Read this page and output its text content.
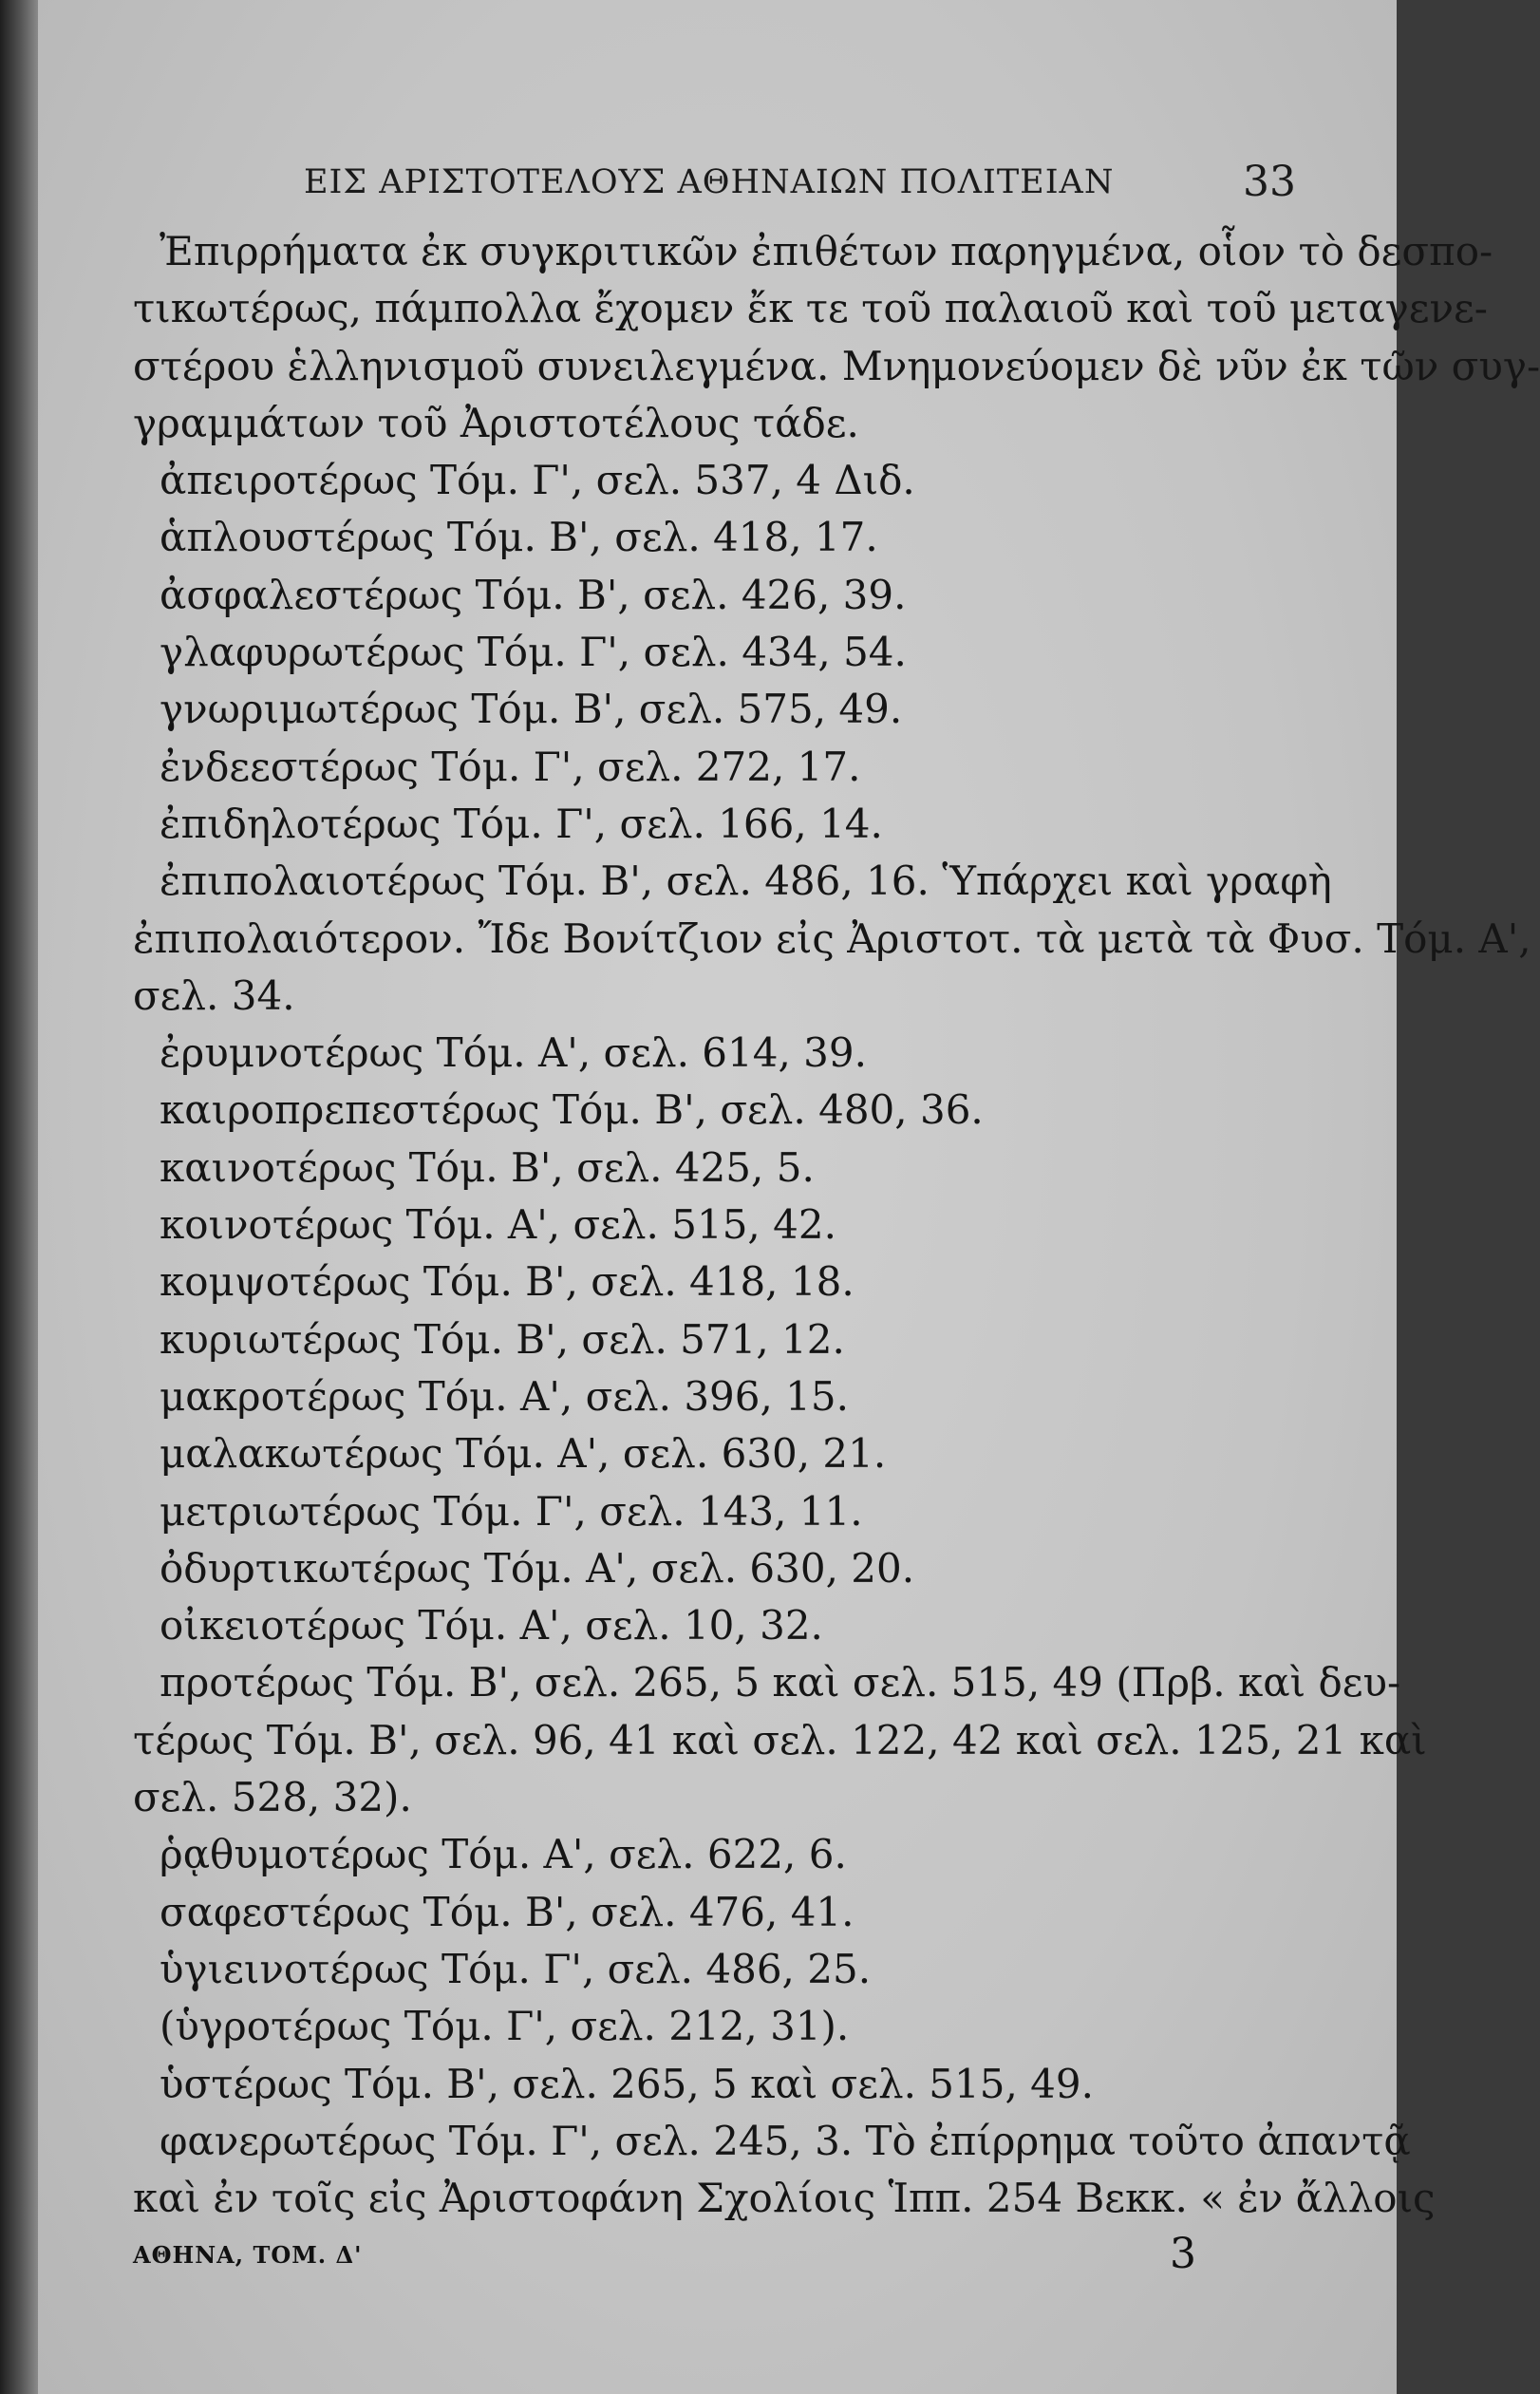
ΕΙΣ ΑΡΙΣΤΟΤΕΛΟΥΣ ΑΘΗΝΑΙΩΝ ΠΟΛΙΤΕΙΑΝ	33
Ἐπιρρήματα ἐκ συγκριτικῶν ἐπιθέτων παρηγμένα, οἷον τὸ δεσπο-
τικωτέρως, πάμπολλα ἔχομεν ἔκ τε τοῦ παλαιοῦ καὶ τοῦ μεταγενε-
στέρου ἑλληνισμοῦ συνειλεγμένα. Μνημονεύομεν δὲ νῦν ἐκ τῶν συγ-
γραμμάτων τοῦ Ἀριστοτέλους τάδε.
ἀπειροτέρως Τόμ. Γ', σελ. 537, 4 Διδ.
ἁπλουστέρως Τόμ. Β', σελ. 418, 17.
ἀσφαλεστέρως Τόμ. Β', σελ. 426, 39.
γλαφυρωτέρως Τόμ. Γ', σελ. 434, 54.
γνωριμωτέρως Τόμ. Β', σελ. 575, 49.
ἐνδεεστέρως Τόμ. Γ', σελ. 272, 17.
ἐπιδηλοτέρως Τόμ. Γ', σελ. 166, 14.
ἐπιπολαιοτέρως Τόμ. Β', σελ. 486, 16. Ὑπάρχει καὶ γραφὴ
ἐπιπολαιότερον. Ἴδε Βονίτζιον εἰς Ἀριστοτ. τὰ μετὰ τὰ Φυσ. Τόμ. Α',
σελ. 34.
ἐρυμνοτέρως Τόμ. Α', σελ. 614, 39.
καιροπρεπεστέρως Τόμ. Β', σελ. 480, 36.
καινοτέρως Τόμ. Β', σελ. 425, 5.
κοινοτέρως Τόμ. Α', σελ. 515, 42.
κομψοτέρως Τόμ. Β', σελ. 418, 18.
κυριωτέρως Τόμ. Β', σελ. 571, 12.
μακροτέρως Τόμ. Α', σελ. 396, 15.
μαλακωτέρως Τόμ. Α', σελ. 630, 21.
μετριωτέρως Τόμ. Γ', σελ. 143, 11.
ὀδυρτικωτέρως Τόμ. Α', σελ. 630, 20.
οἰκειοτέρως Τόμ. Α', σελ. 10, 32.
προτέρως Τόμ. Β', σελ. 265, 5 καὶ σελ. 515, 49 (Πρβ. καὶ δευ-
τέρως Τόμ. Β', σελ. 96, 41 καὶ σελ. 122, 42 καὶ σελ. 125, 21 καὶ
σελ. 528, 32).
ῥᾳθυμοτέρως Τόμ. Α', σελ. 622, 6.
σαφεστέρως Τόμ. Β', σελ. 476, 41.
ὑγιεινοτέρως Τόμ. Γ', σελ. 486, 25.
(ὑγροτέρως Τόμ. Γ', σελ. 212, 31).
ὑστέρως Τόμ. Β', σελ. 265, 5 καὶ σελ. 515, 49.
φανερωτέρως Τόμ. Γ', σελ. 245, 3. Τὸ ἐπίρρημα τοῦτο ἀπαντᾷ
καὶ ἐν τοῖς εἰς Ἀριστοφάνη Σχολίοις Ἱππ. 254 Βεκκ. « ἐν ἄλλοις
ΑΘΗΝΑ, ΤΟΜ. Δ'	3
